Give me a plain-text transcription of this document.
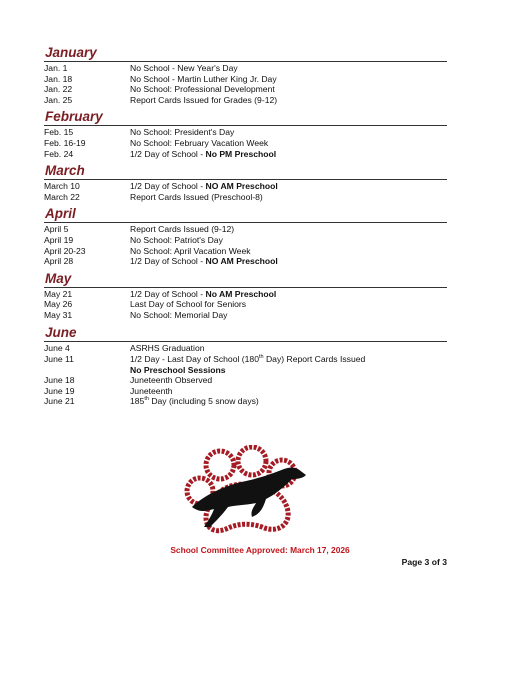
January
Jan. 1	No School - New Year's Day
Jan. 18	No School - Martin Luther King Jr. Day
Jan. 22	No School: Professional Development
Jan. 25	Report Cards Issued for Grades (9-12)
February
Feb. 15	No School: President's Day
Feb. 16-19	No School: February Vacation Week
Feb. 24	1/2 Day of School - No PM Preschool
March
March 10	1/2 Day of School - NO AM Preschool
March 22	Report Cards Issued (Preschool-8)
April
April 5	Report Cards Issued (9-12)
April 19	No School: Patriot's Day
April 20-23	No School: April Vacation Week
April 28	1/2 Day of School - NO AM Preschool
May
May 21	1/2 Day of School - No AM Preschool
May 26	Last Day of School for Seniors
May 31	No School: Memorial Day
June
June 4	ASRHS Graduation
June 11	1/2 Day - Last Day of School (180th Day) Report Cards Issued
No Preschool Sessions
June 18	Juneteenth Observed
June 19	Juneteenth
June 21	185th Day (including 5 snow days)
School Committee Approved: March 17, 2026
Page 3 of 3
